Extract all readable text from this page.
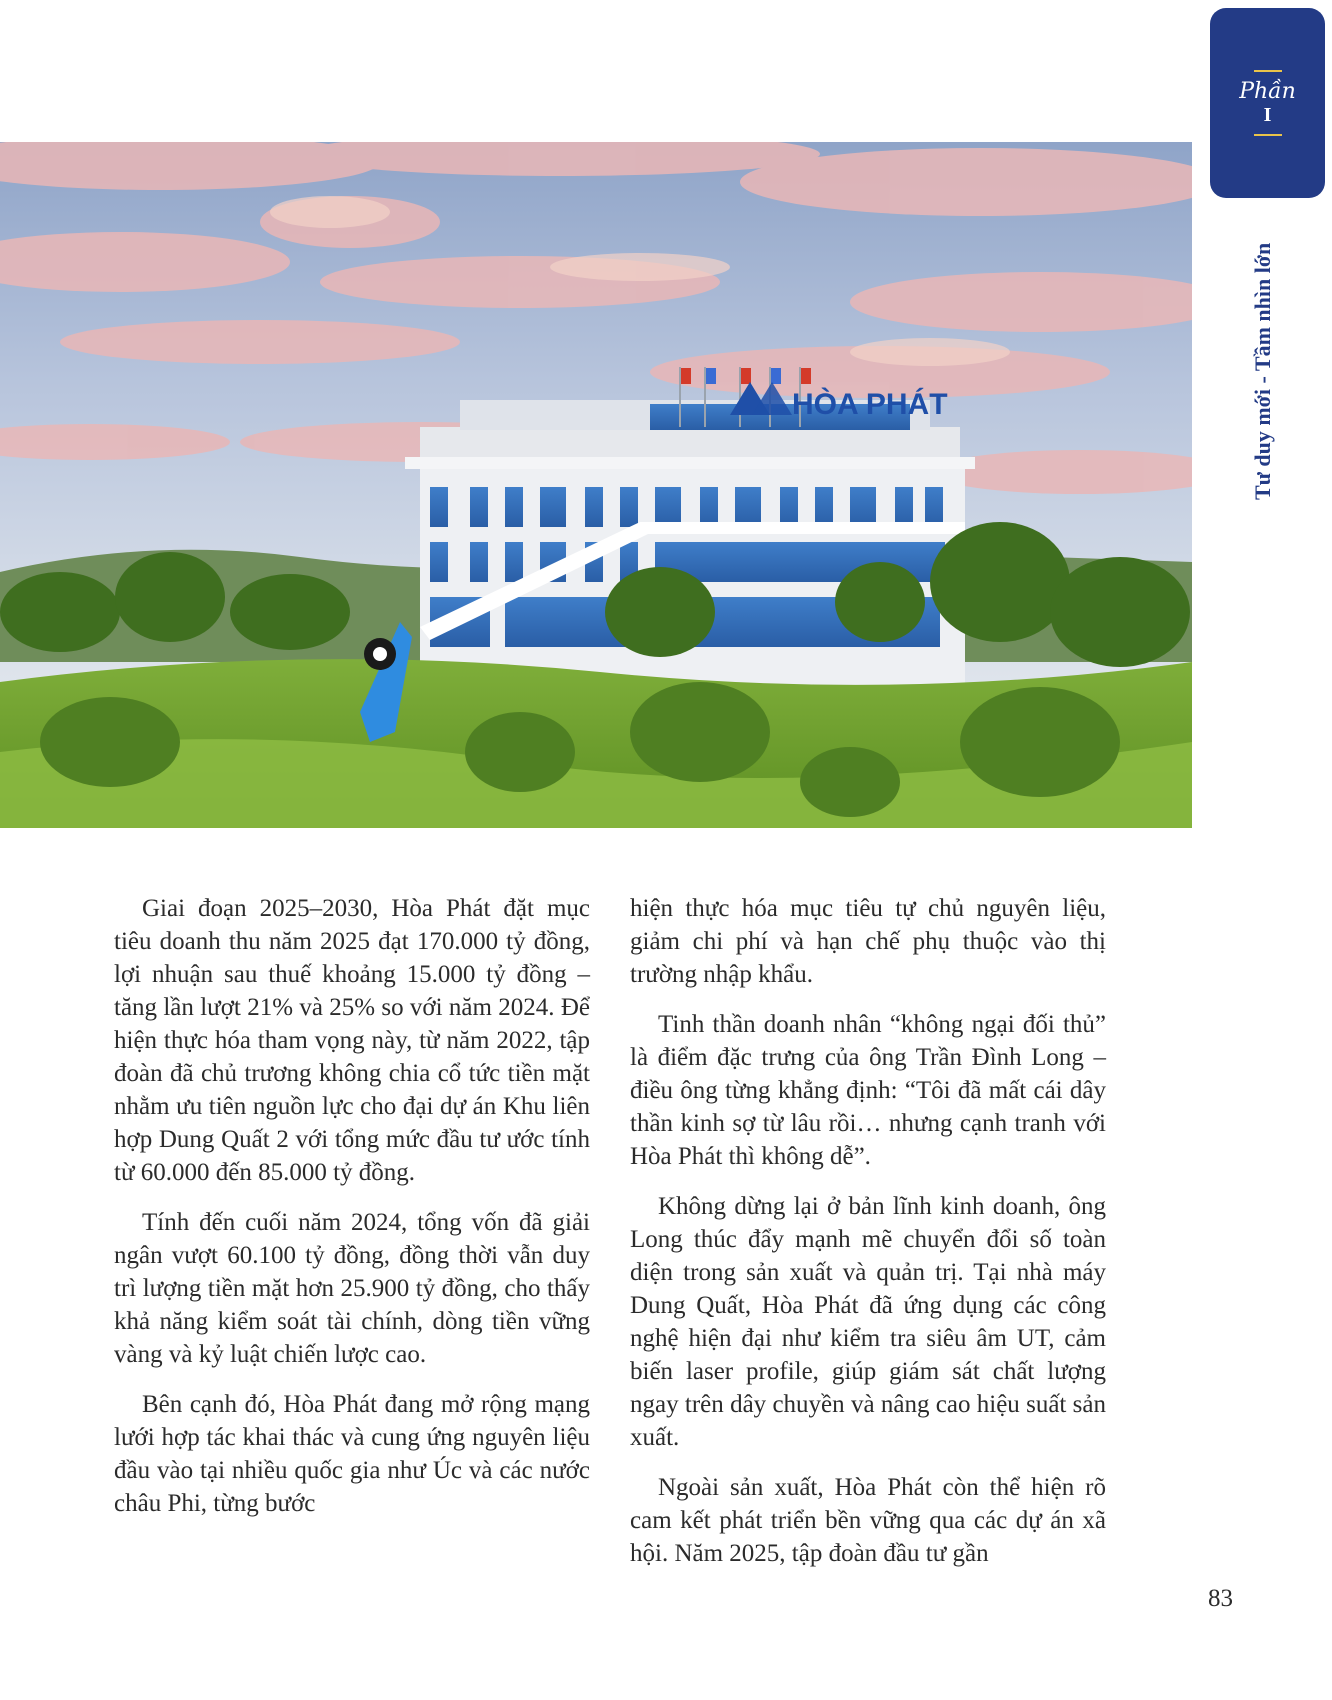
HÒA PHÁT
Phần
I
Tư duy mới - Tầm nhìn lớn

Giai đoạn 2025–2030, Hòa Phát đặt mục tiêu doanh thu năm 2025 đạt 170.000 tỷ đồng, lợi nhuận sau thuế khoảng 15.000 tỷ đồng – tăng lần lượt 21% và 25% so với năm 2024. Để hiện thực hóa tham vọng này, từ năm 2022, tập đoàn đã chủ trương không chia cổ tức tiền mặt nhằm ưu tiên nguồn lực cho đại dự án Khu liên hợp Dung Quất 2 với tổng mức đầu tư ước tính từ 60.000 đến 85.000 tỷ đồng.

Tính đến cuối năm 2024, tổng vốn đã giải ngân vượt 60.100 tỷ đồng, đồng thời vẫn duy trì lượng tiền mặt hơn 25.900 tỷ đồng, cho thấy khả năng kiểm soát tài chính, dòng tiền vững vàng và kỷ luật chiến lược cao.

Bên cạnh đó, Hòa Phát đang mở rộng mạng lưới hợp tác khai thác và cung ứng nguyên liệu đầu vào tại nhiều quốc gia như Úc và các nước châu Phi, từng bước

hiện thực hóa mục tiêu tự chủ nguyên liệu, giảm chi phí và hạn chế phụ thuộc vào thị trường nhập khẩu.

Tinh thần doanh nhân “không ngại đối thủ” là điểm đặc trưng của ông Trần Đình Long – điều ông từng khẳng định: “Tôi đã mất cái dây thần kinh sợ từ lâu rồi… nhưng cạnh tranh với Hòa Phát thì không dễ”.

Không dừng lại ở bản lĩnh kinh doanh, ông Long thúc đẩy mạnh mẽ chuyển đổi số toàn diện trong sản xuất và quản trị. Tại nhà máy Dung Quất, Hòa Phát đã ứng dụng các công nghệ hiện đại như kiểm tra siêu âm UT, cảm biến laser profile, giúp giám sát chất lượng ngay trên dây chuyền và nâng cao hiệu suất sản xuất.

Ngoài sản xuất, Hòa Phát còn thể hiện rõ cam kết phát triển bền vững qua các dự án xã hội. Năm 2025, tập đoàn đầu tư gần

83
